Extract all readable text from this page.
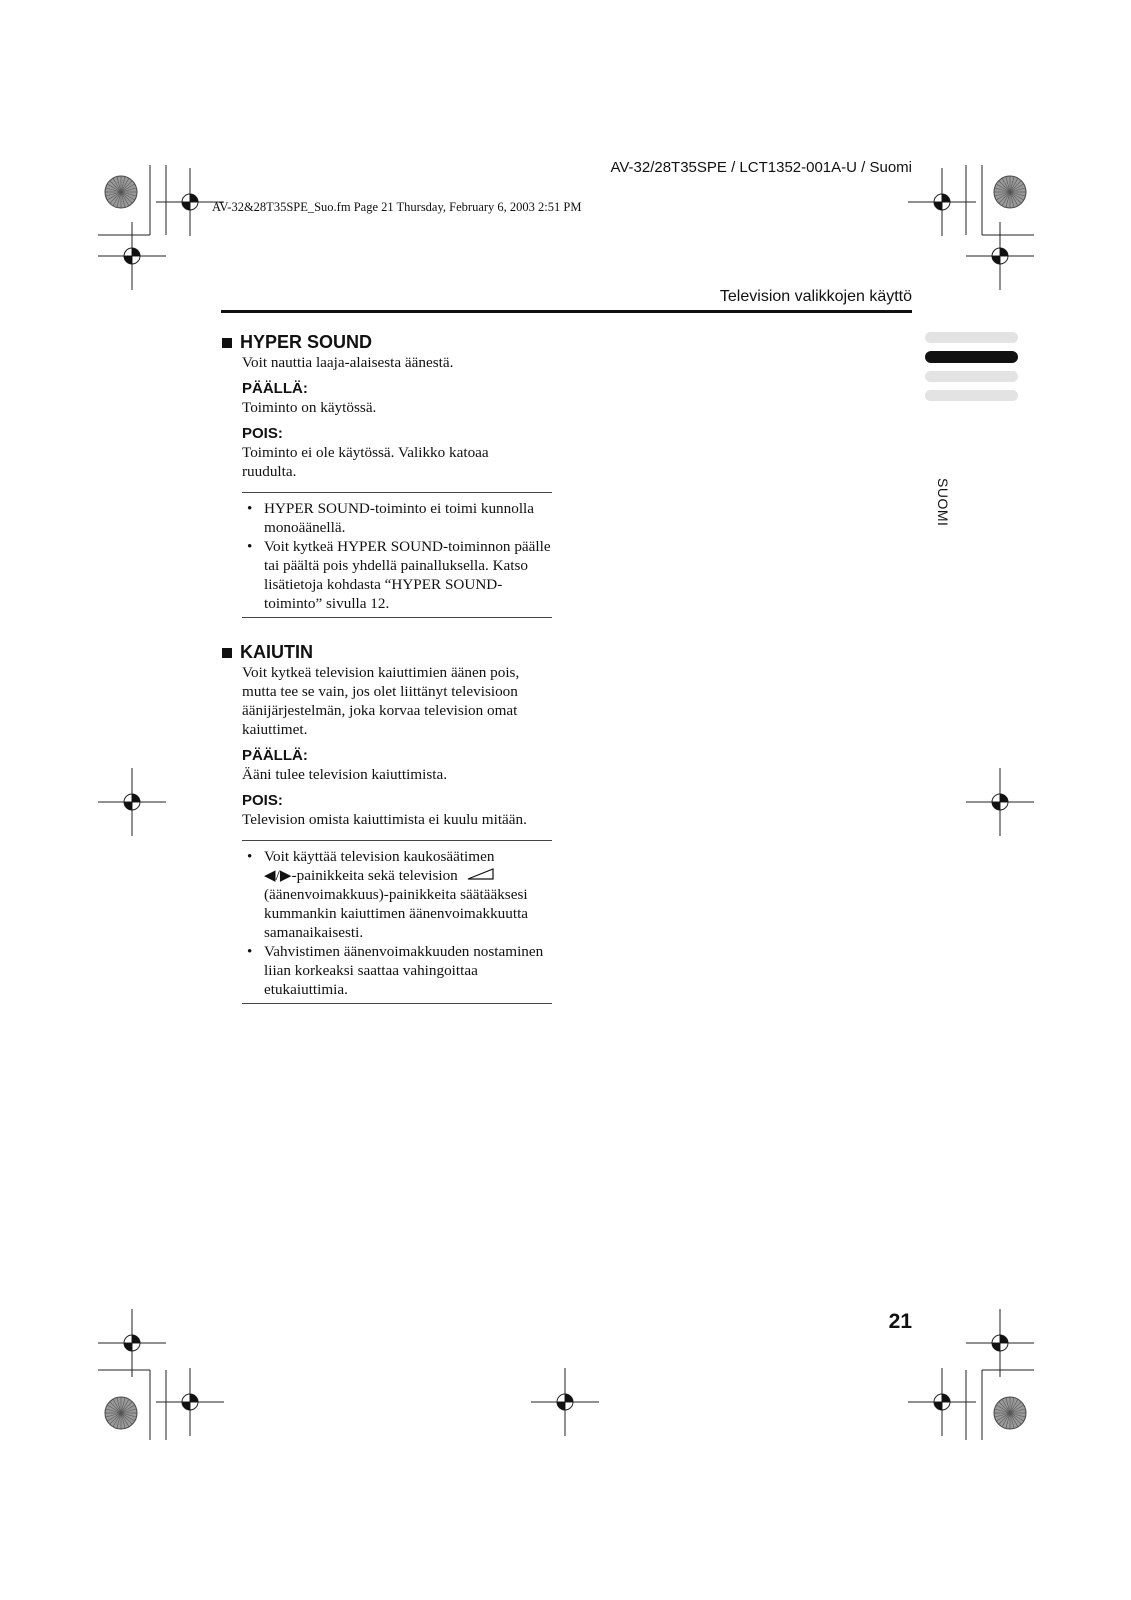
AV-32/28T35SPE / LCT1352-001A-U / Suomi
AV-32&28T35SPE_Suo.fm Page 21 Thursday, February 6, 2003 2:51 PM
Television valikkojen käyttö
SUOMI
HYPER SOUND
Voit nauttia laaja-alaisesta äänestä.
PÄÄLLÄ:
Toiminto on käytössä.
POIS:
Toiminto ei ole käytössä. Valikko katoaa ruudulta.
• HYPER SOUND-toiminto ei toimi kunnolla monoäänellä.
• Voit kytkeä HYPER SOUND-toiminnon päälle tai päältä pois yhdellä painalluksella. Katso lisätietoja kohdasta “HYPER SOUND-toiminto” sivulla 12.
KAIUTIN
Voit kytkeä television kaiuttimien äänen pois, mutta tee se vain, jos olet liittänyt televisioon äänijärjestelmän, joka korvaa television omat kaiuttimet.
PÄÄLLÄ:
Ääni tulee television kaiuttimista.
POIS:
Television omista kaiuttimista ei kuulu mitään.
• Voit käyttää television kaukosäätimen
◀/▶-painikkeita sekä television
(äänenvoimakkuus)-painikkeita säätääksesi kummankin kaiuttimen äänenvoimakkuutta samanaikaisesti.
• Vahvistimen äänenvoimakkuuden nostaminen liian korkeaksi saattaa vahingoittaa etukaiuttimia.
21
